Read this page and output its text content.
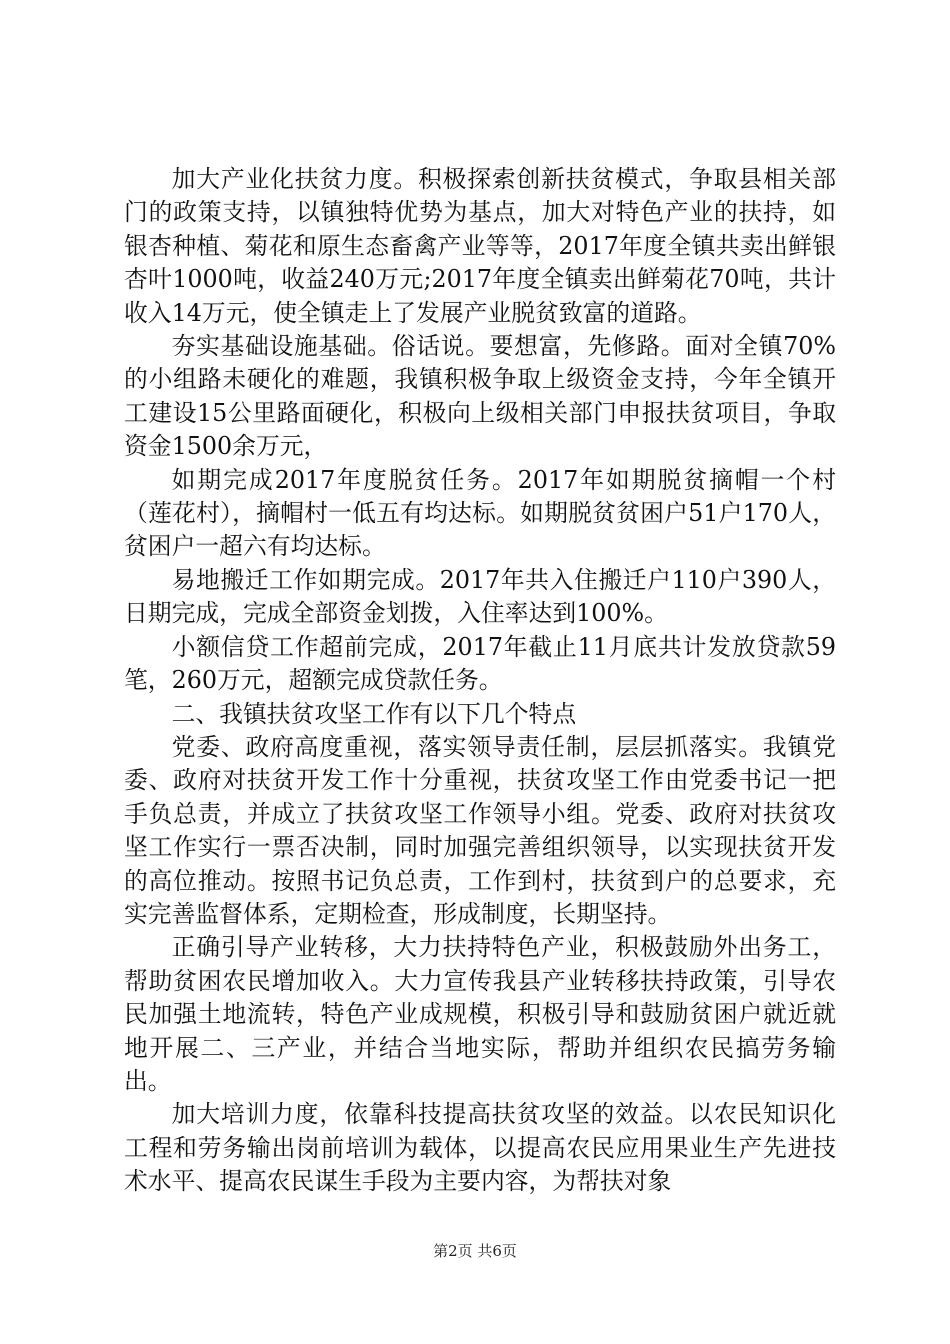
加大产业化扶贫力度。积极探索创新扶贫模式，争取县相关部门的政策支持，以镇独特优势为基点，加大对特色产业的扶持，如银杏种植、菊花和原生态畜禽产业等等，2017年度全镇共卖出鲜银杏叶1000吨，收益240万元;2017年度全镇卖出鲜菊花70吨，共计收入14万元，使全镇走上了发展产业脱贫致富的道路。

夯实基础设施基础。俗话说。要想富，先修路。面对全镇70%的小组路未硬化的难题，我镇积极争取上级资金支持，今年全镇开工建设15公里路面硬化，积极向上级相关部门申报扶贫项目，争取资金1500余万元，

如期完成2017年度脱贫任务。2017年如期脱贫摘帽一个村（莲花村），摘帽村一低五有均达标。如期脱贫贫困户51户170人，贫困户一超六有均达标。

易地搬迁工作如期完成。2017年共入住搬迁户110户390人，日期完成，完成全部资金划拨，入住率达到100%。

小额信贷工作超前完成，2017年截止11月底共计发放贷款59笔，260万元，超额完成贷款任务。

二、我镇扶贫攻坚工作有以下几个特点

党委、政府高度重视，落实领导责任制，层层抓落实。我镇党委、政府对扶贫开发工作十分重视，扶贫攻坚工作由党委书记一把手负总责，并成立了扶贫攻坚工作领导小组。党委、政府对扶贫攻坚工作实行一票否决制，同时加强完善组织领导，以实现扶贫开发的高位推动。按照书记负总责，工作到村，扶贫到户的总要求，充实完善监督体系，定期检查，形成制度，长期坚持。

正确引导产业转移，大力扶持特色产业，积极鼓励外出务工，帮助贫困农民增加收入。大力宣传我县产业转移扶持政策，引导农民加强土地流转，特色产业成规模，积极引导和鼓励贫困户就近就地开展二、三产业，并结合当地实际，帮助并组织农民搞劳务输出。

加大培训力度，依靠科技提高扶贫攻坚的效益。以农民知识化工程和劳务输出岗前培训为载体，以提高农民应用果业生产先进技术水平、提高农民谋生手段为主要内容，为帮扶对象

第2页 共6页
